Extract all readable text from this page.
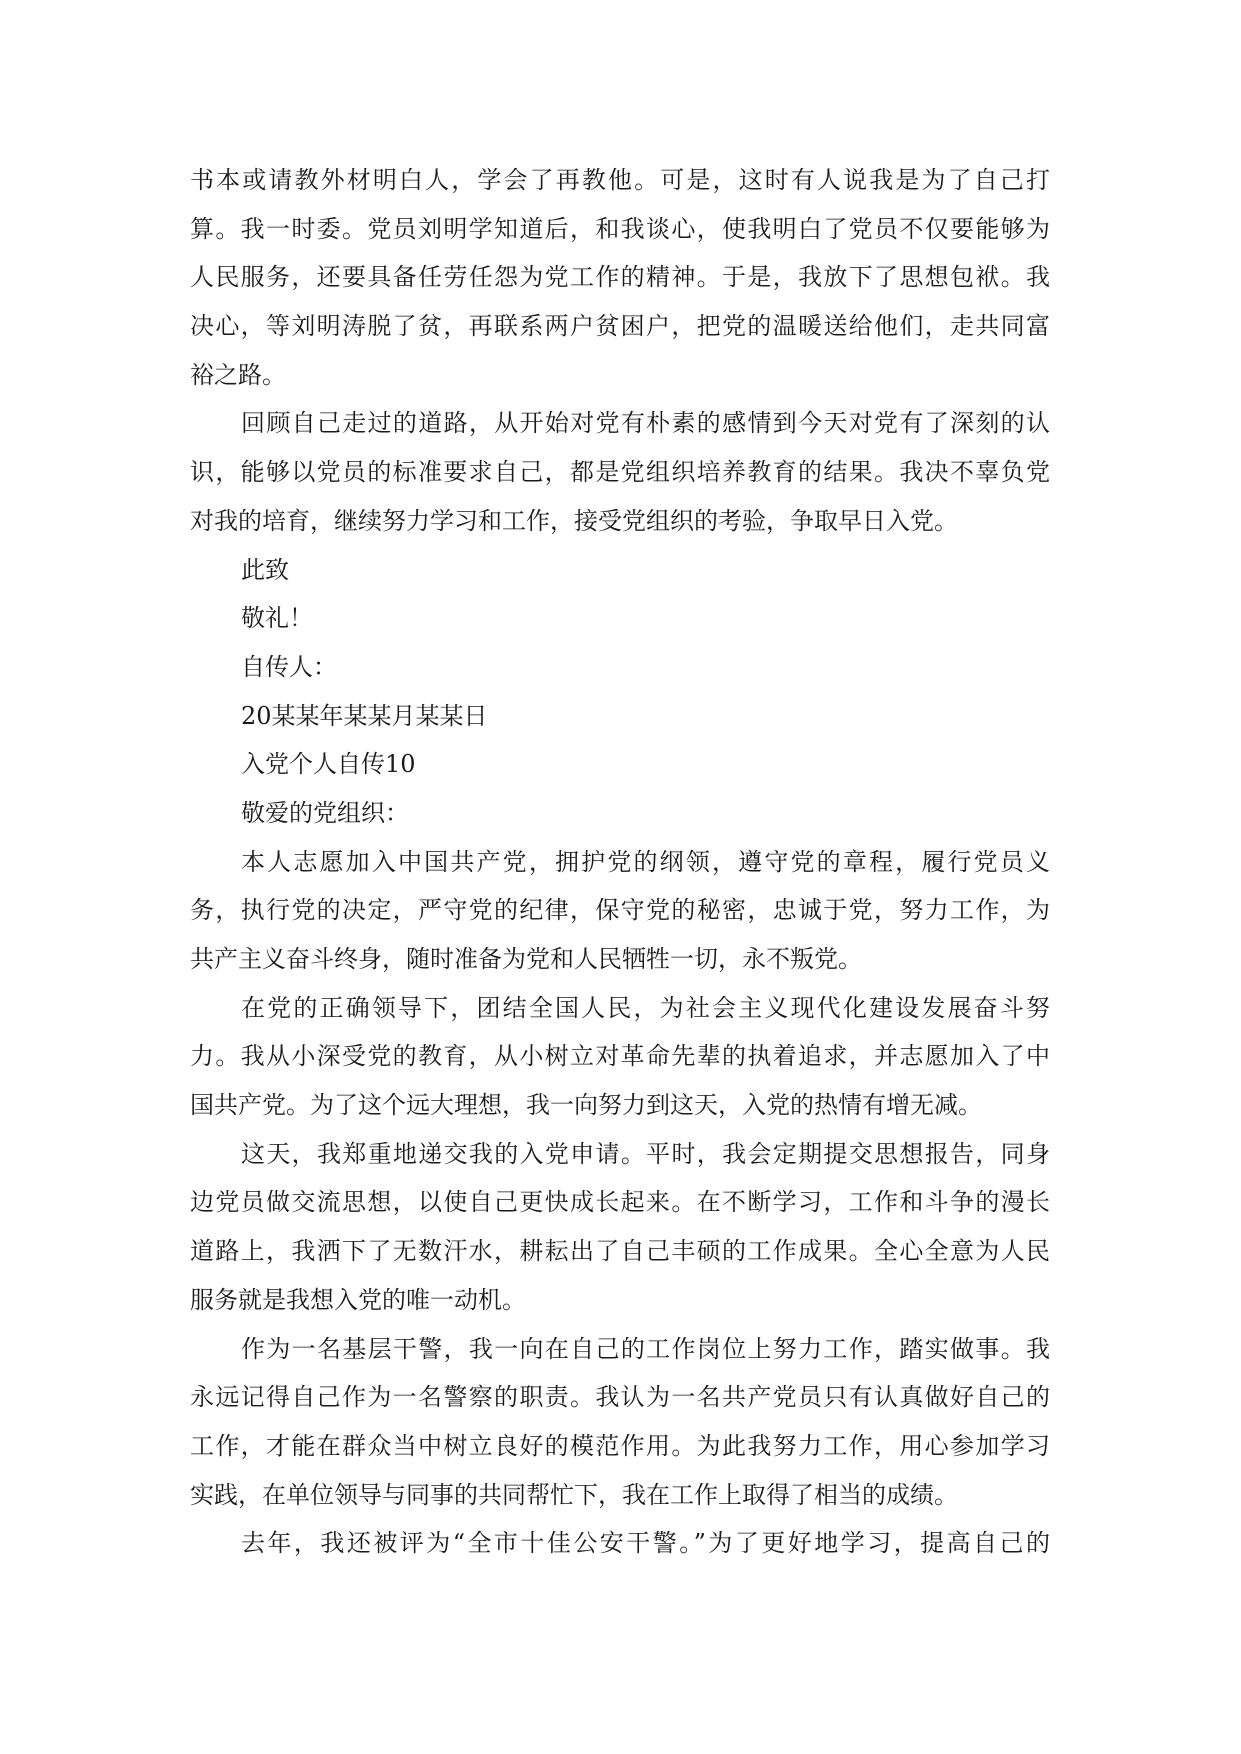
书本或请教外材明白人，学会了再教他。可是，这时有人说我是为了自己打
算。我一时委。党员刘明学知道后，和我谈心，使我明白了党员不仅要能够为
人民服务，还要具备任劳任怨为党工作的精神。于是，我放下了思想包袱。我
决心，等刘明涛脱了贫，再联系两户贫困户，把党的温暖送给他们，走共同富
裕之路。
回顾自己走过的道路，从开始对党有朴素的感情到今天对党有了深刻的认
识，能够以党员的标准要求自己，都是党组织培养教育的结果。我决不辜负党
对我的培育，继续努力学习和工作，接受党组织的考验，争取早日入党。
此致
敬礼！
自传人：
20某某年某某月某某日
入党个人自传10
敬爱的党组织：
本人志愿加入中国共产党，拥护党的纲领，遵守党的章程，履行党员义
务，执行党的决定，严守党的纪律，保守党的秘密，忠诚于党，努力工作，为
共产主义奋斗终身，随时准备为党和人民牺牲一切，永不叛党。
在党的正确领导下，团结全国人民，为社会主义现代化建设发展奋斗努
力。我从小深受党的教育，从小树立对革命先辈的执着追求，并志愿加入了中
国共产党。为了这个远大理想，我一向努力到这天，入党的热情有增无减。
这天，我郑重地递交我的入党申请。平时，我会定期提交思想报告，同身
边党员做交流思想，以使自己更快成长起来。在不断学习，工作和斗争的漫长
道路上，我洒下了无数汗水，耕耘出了自己丰硕的工作成果。全心全意为人民
服务就是我想入党的唯一动机。
作为一名基层干警，我一向在自己的工作岗位上努力工作，踏实做事。我
永远记得自己作为一名警察的职责。我认为一名共产党员只有认真做好自己的
工作，才能在群众当中树立良好的模范作用。为此我努力工作，用心参加学习
实践，在单位领导与同事的共同帮忙下，我在工作上取得了相当的成绩。
去年，我还被评为“全市十佳公安干警。”为了更好地学习，提高自己的
